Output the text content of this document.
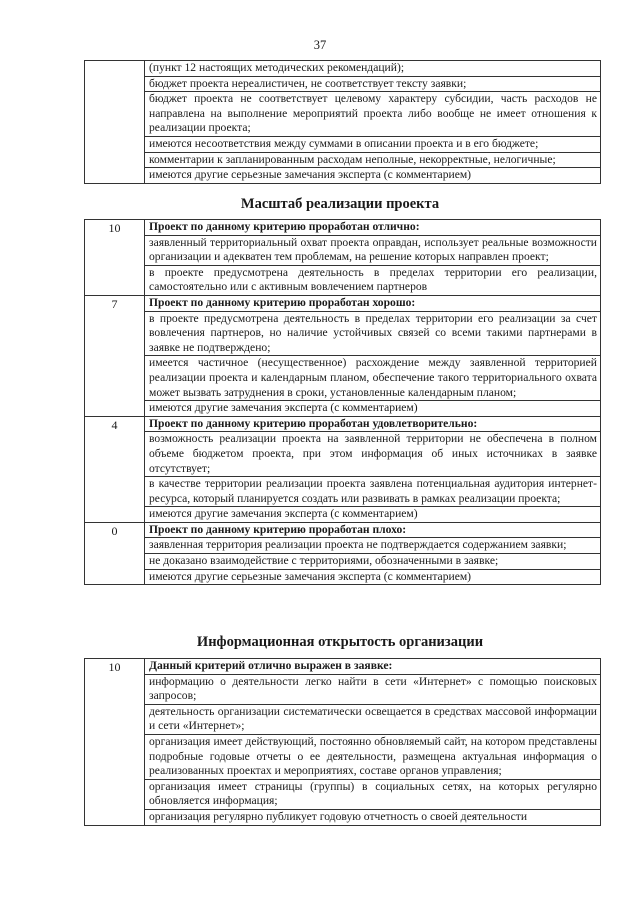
37

(пункт 12 настоящих методических рекомендаций);
бюджет проекта нереалистичен, не соответствует тексту заявки;
бюджет проекта не соответствует целевому характеру субсидии, часть расходов не направлена на выполнение мероприятий проекта либо вообще не имеет отношения к реализации проекта;
имеются несоответствия между суммами в описании проекта и в его бюджете;
комментарии к запланированным расходам неполные, некорректные, нелогичные;
имеются другие серьезные замечания эксперта (с комментарием)
Масштаб реализации проекта
10	Проект по данному критерию проработан отлично:
заявленный территориальный охват проекта оправдан, использует реальные возможности организации и адекватен тем проблемам, на решение которых направлен проект;
в проекте предусмотрена деятельность в пределах территории его реализации, самостоятельно или с активным вовлечением партнеров

7	Проект по данному критерию проработан хорошо:
в проекте предусмотрена деятельность в пределах территории его реализации за счет вовлечения партнеров, но наличие устойчивых связей со всеми такими партнерами в заявке не подтверждено;
имеется частичное (несущественное) расхождение между заявленной территорией реализации проекта и календарным планом, обеспечение такого территориального охвата может вызвать затруднения в сроки, установленные календарным планом;
имеются другие замечания эксперта (с комментарием)

4	Проект по данному критерию проработан удовлетворительно:
возможность реализации проекта на заявленной территории не обеспечена в полном объеме бюджетом проекта, при этом информация об иных источниках в заявке отсутствует;
в качестве территории реализации проекта заявлена потенциальная аудитория интернет-ресурса, который планируется создать или развивать в рамках реализации проекта;
имеются другие замечания эксперта (с комментарием)

0	Проект по данному критерию проработан плохо:
заявленная территория реализации проекта не подтверждается содержанием заявки;
не доказано взаимодействие с территориями, обозначенными в заявке;
имеются другие серьезные замечания эксперта (с комментарием)
Информационная открытость организации
10	Данный критерий отлично выражен в заявке:
информацию о деятельности легко найти в сети «Интернет» с помощью поисковых запросов;
деятельность организации систематически освещается в средствах массовой информации и сети «Интернет»;
организация имеет действующий, постоянно обновляемый сайт, на котором представлены подробные годовые отчеты о ее деятельности, размещена актуальная информация о реализованных проектах и мероприятиях, составе органов управления;
организация имеет страницы (группы) в социальных сетях, на которых регулярно обновляется информация;
организация регулярно публикует годовую отчетность о своей деятельности
